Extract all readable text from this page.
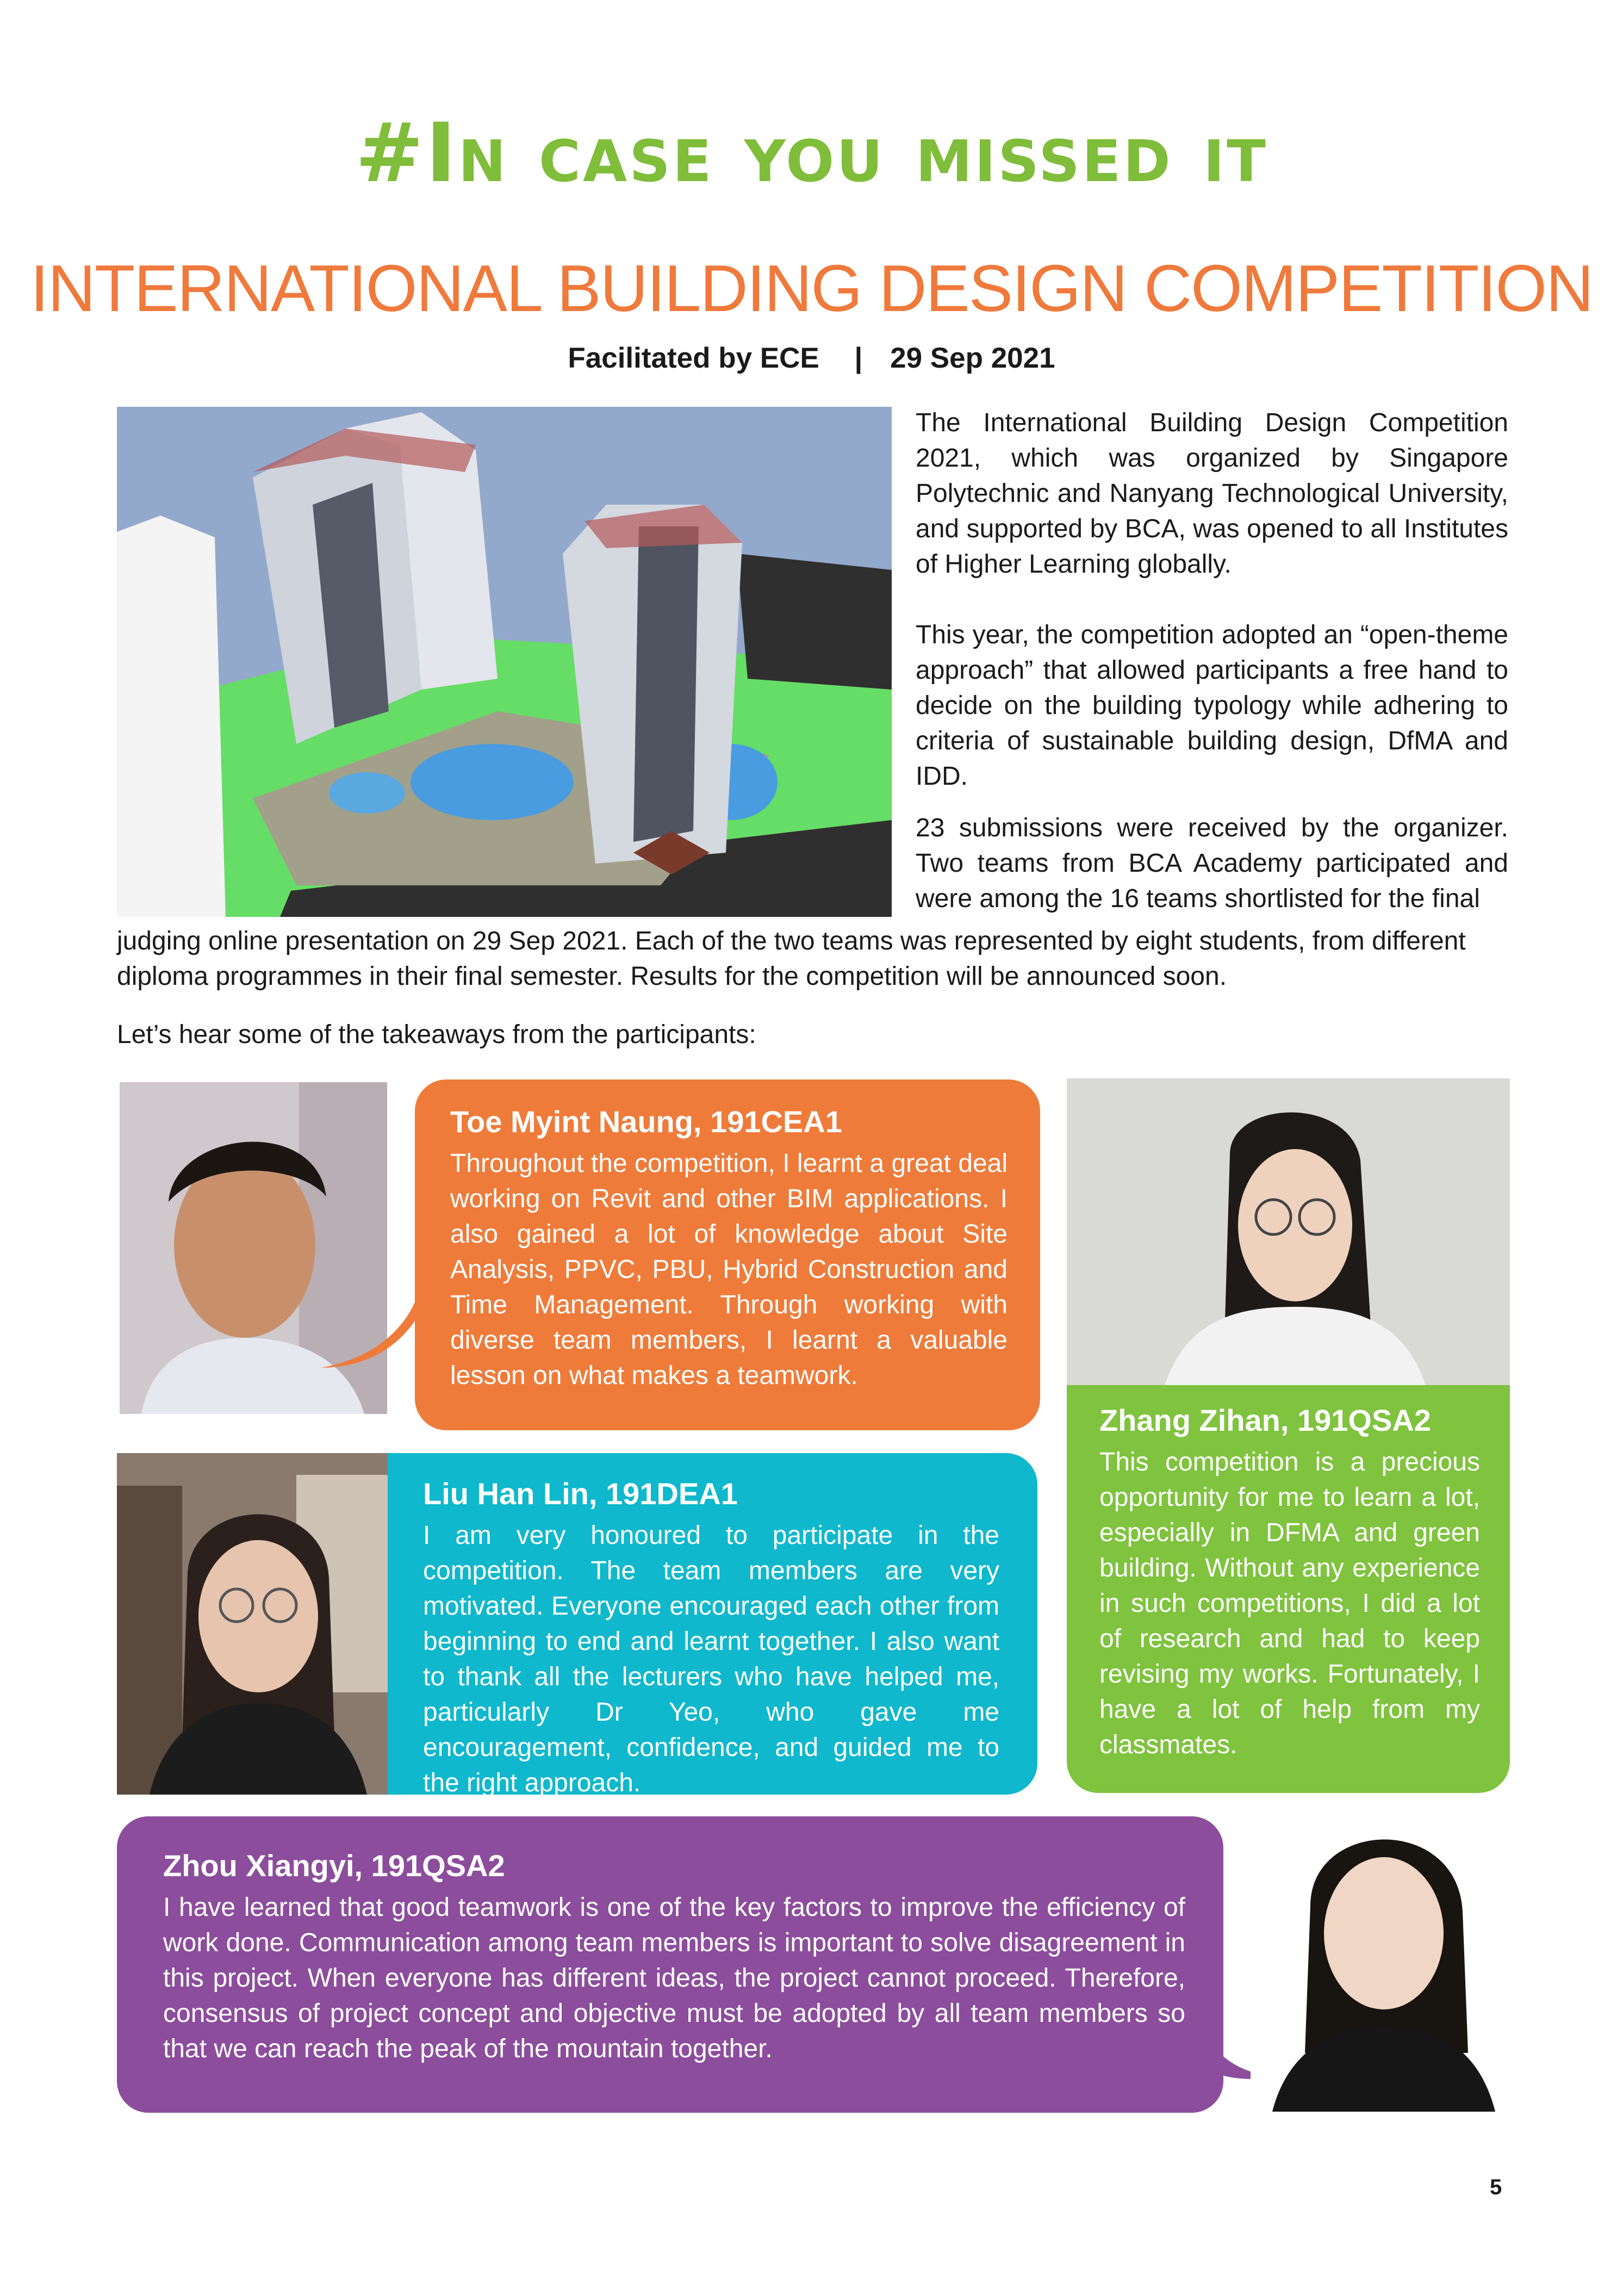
#In case you missed it
INTERNATIONAL BUILDING DESIGN COMPETITION
Facilitated by ECE | 29 Sep 2021

The International Building Design Competition 2021, which was organized by Singapore Polytechnic and Nanyang Technological University, and supported by BCA, was opened to all Institutes of Higher Learning globally.

This year, the competition adopted an “open-theme approach” that allowed participants a free hand to decide on the building typology while adhering to criteria of sustainable building design, DfMA and IDD.

23 submissions were received by the organizer. Two teams from BCA Academy participated and were among the 16 teams shortlisted for the final

judging online presentation on 29 Sep 2021. Each of the two teams was represented by eight students, from different diploma programmes in their final semester. Results for the competition will be announced soon.

Let’s hear some of the takeaways from the participants:

Toe Myint Naung, 191CEA1

Throughout the competition, I learnt a great deal working on Revit and other BIM applications. I also gained a lot of knowledge about Site Analysis, PPVC, PBU, Hybrid Construction and Time Management. Through working with diverse team members, I learnt a valuable lesson on what makes a teamwork.

Zhang Zihan, 191QSA2

This competition is a precious opportunity for me to learn a lot, especially in DFMA and green building. Without any experience in such competitions, I did a lot of research and had to keep revising my works. Fortunately, I have a lot of help from my classmates.

Liu Han Lin, 191DEA1

I am very honoured to participate in the competition. The team members are very motivated. Everyone encouraged each other from beginning to end and learnt together. I also want to thank all the lecturers who have helped me, particularly Dr Yeo, who gave me encouragement, confidence, and guided me to the right approach.

Zhou Xiangyi, 191QSA2

I have learned that good teamwork is one of the key factors to improve the efficiency of work done. Communication among team members is important to solve disagreement in this project. When everyone has different ideas, the project cannot proceed. Therefore, consensus of project concept and objective must be adopted by all team members so that we can reach the peak of the mountain together.

5
